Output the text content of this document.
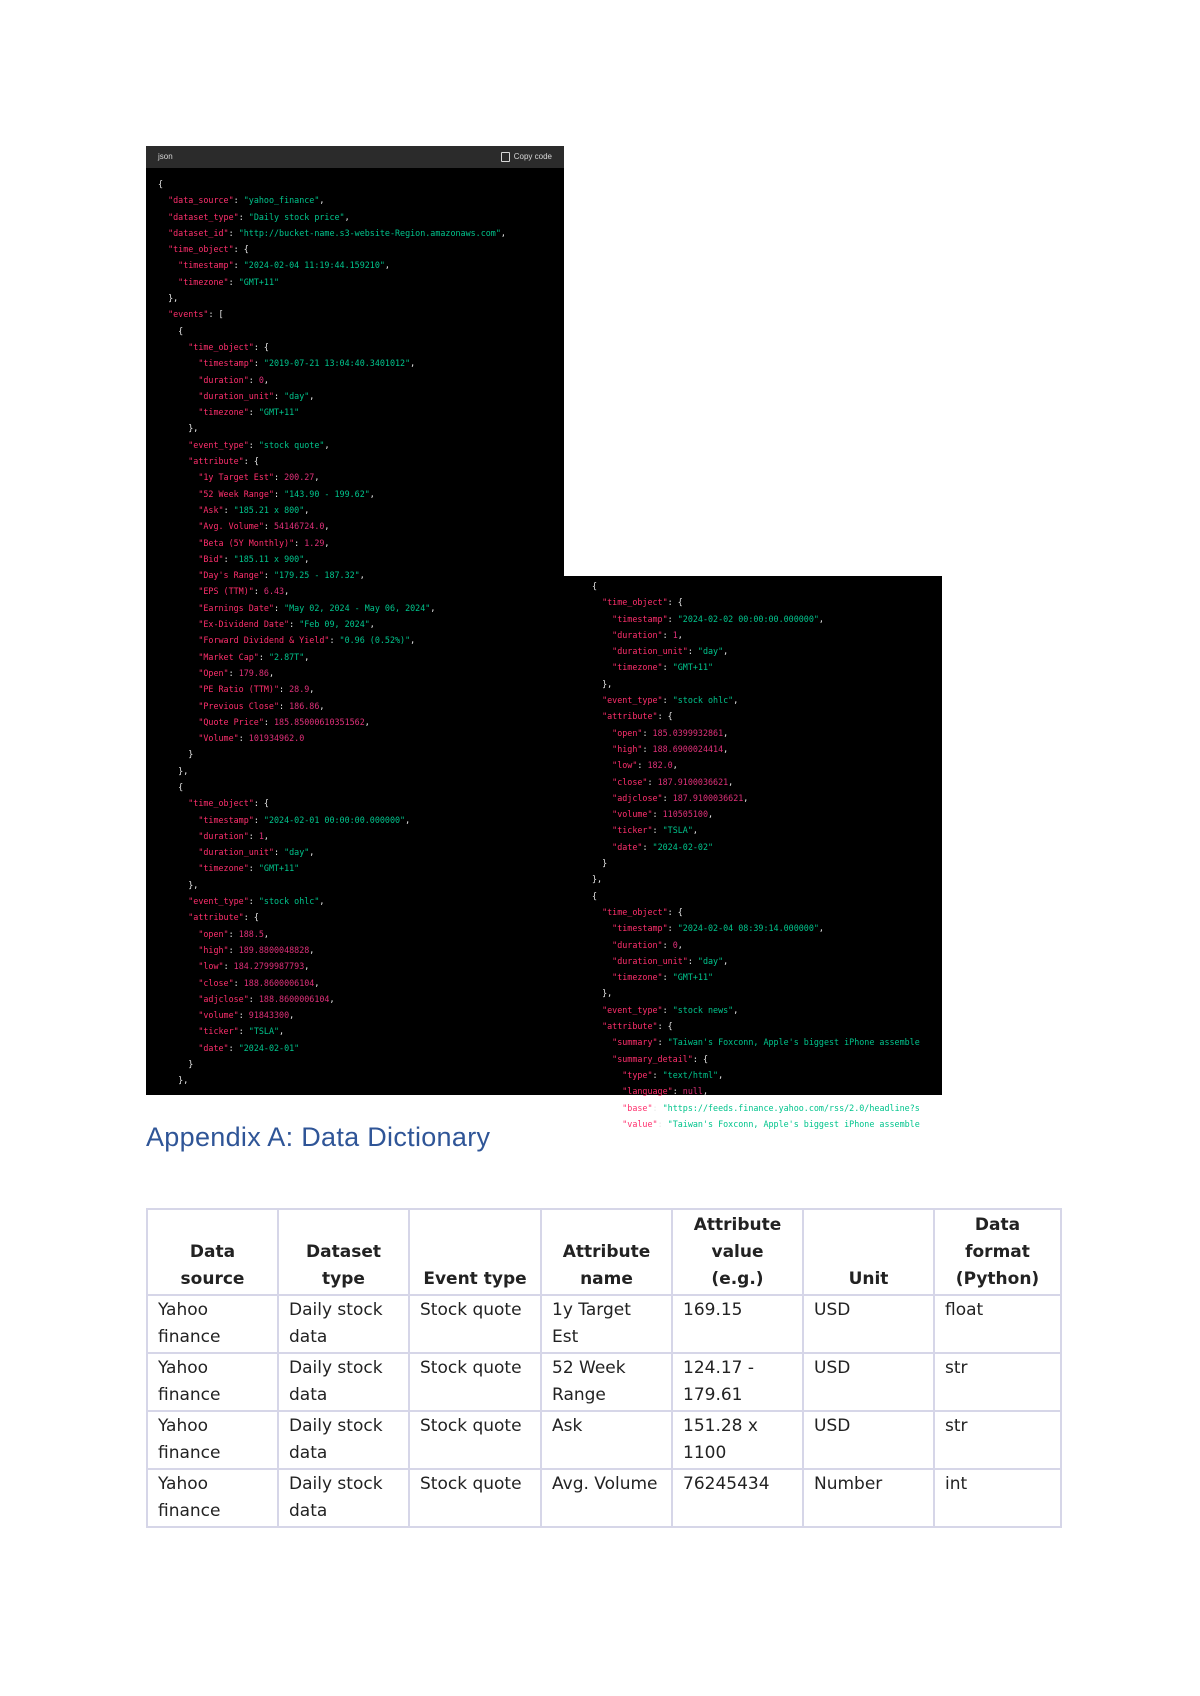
json	Copy code
{
"data_source": "yahoo_finance",
"dataset_type": "Daily stock price",
"dataset_id": "http://bucket-name.s3-website-Region.amazonaws.com",
"time_object": {
"timestamp": "2024-02-04 11:19:44.159210",
"timezone": "GMT+11"
},
"events": [
{
"time_object": {
"timestamp": "2019-07-21 13:04:40.3401012",
"duration": 0,
"duration_unit": "day",
"timezone": "GMT+11"
},
"event_type": "stock quote",
"attribute": {
"1y Target Est": 200.27,
"52 Week Range": "143.90 - 199.62",
"Ask": "185.21 x 800",
"Avg. Volume": 54146724.0,
"Beta (5Y Monthly)": 1.29,
"Bid": "185.11 x 900",
"Day's Range": "179.25 - 187.32",
"EPS (TTM)": 6.43,
"Earnings Date": "May 02, 2024 - May 06, 2024",
"Ex-Dividend Date": "Feb 09, 2024",
"Forward Dividend & Yield": "0.96 (0.52%)",
"Market Cap": "2.87T",
"Open": 179.86,
"PE Ratio (TTM)": 28.9,
"Previous Close": 186.86,
"Quote Price": 185.85000610351562,
"Volume": 101934962.0
}
},
{
"time_object": {
"timestamp": "2024-02-01 00:00:00.000000",
"duration": 1,
"duration_unit": "day",
"timezone": "GMT+11"
},
"event_type": "stock ohlc",
"attribute": {
"open": 188.5,
"high": 189.8800048828,
"low": 184.2799987793,
"close": 188.8600006104,
"adjclose": 188.8600006104,
"volume": 91843300,
"ticker": "TSLA",
"date": "2024-02-01"
}
},
{
"time_object": {
"timestamp": "2024-02-02 00:00:00.000000",
"duration": 1,
"duration_unit": "day",
"timezone": "GMT+11"
},
"event_type": "stock ohlc",
"attribute": {
"open": 185.0399932861,
"high": 188.6900024414,
"low": 182.0,
"close": 187.9100036621,
"adjclose": 187.9100036621,
"volume": 110505100,
"ticker": "TSLA",
"date": "2024-02-02"
}
},
{
"time_object": {
"timestamp": "2024-02-04 08:39:14.000000",
"duration": 0,
"duration_unit": "day",
"timezone": "GMT+11"
},
"event_type": "stock news",
"attribute": {
"summary": "Taiwan's Foxconn, Apple's biggest iPhone assemble
"summary_detail": {
"type": "text/html",
"language": null,
"base": "https://feeds.finance.yahoo.com/rss/2.0/headline?s
"value": "Taiwan's Foxconn, Apple's biggest iPhone assemble
Appendix A: Data Dictionary
Data source	Dataset type	Event type	Attribute name	Attribute value (e.g.)	Unit	Data format (Python)
Yahoo finance	Daily stock data	Stock quote	1y Target Est	169.15	USD	float
Yahoo finance	Daily stock data	Stock quote	52 Week Range	124.17 - 179.61	USD	str
Yahoo finance	Daily stock data	Stock quote	Ask	151.28 x 1100	USD	str
Yahoo finance	Daily stock data	Stock quote	Avg. Volume	76245434	Number	int
